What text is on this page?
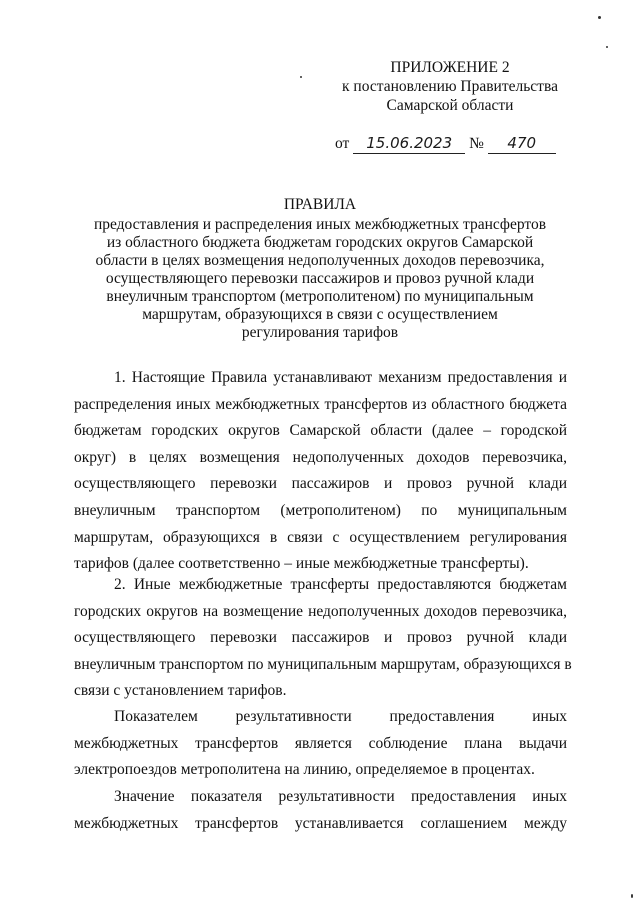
ПРИЛОЖЕНИЕ 2
к постановлению Правительства
Самарской области
от 15.06.2023 № 470
ПРАВИЛА
предоставления и распределения иных межбюджетных трансфертов
из областного бюджета бюджетам городских округов Самарской
области в целях возмещения недополученных доходов перевозчика,
осуществляющего перевозки пассажиров и провоз ручной клади
внеуличным транспортом (метрополитеном) по муниципальным
маршрутам, образующихся в связи с осуществлением
регулирования тарифов

1. Настоящие Правила устанавливают механизм предоставления и
распределения иных межбюджетных трансфертов из областного бюджета
бюджетам городских округов Самарской области (далее – городской
округ) в целях возмещения недополученных доходов перевозчика,
осуществляющего перевозки пассажиров и провоз ручной клади
внеуличным транспортом (метрополитеном) по муниципальным
маршрутам, образующихся в связи с осуществлением регулирования
тарифов (далее соответственно – иные межбюджетные трансферты).

2. Иные межбюджетные трансферты предоставляются бюджетам
городских округов на возмещение недополученных доходов перевозчика,
осуществляющего перевозки пассажиров и провоз ручной клади
внеуличным транспортом по муниципальным маршрутам, образующихся в
связи с установлением тарифов.

Показателем результативности предоставления иных
межбюджетных трансфертов является соблюдение плана выдачи
электропоездов метрополитена на линию, определяемое в процентах.

Значение показателя результативности предоставления иных
межбюджетных трансфертов устанавливается соглашением между
